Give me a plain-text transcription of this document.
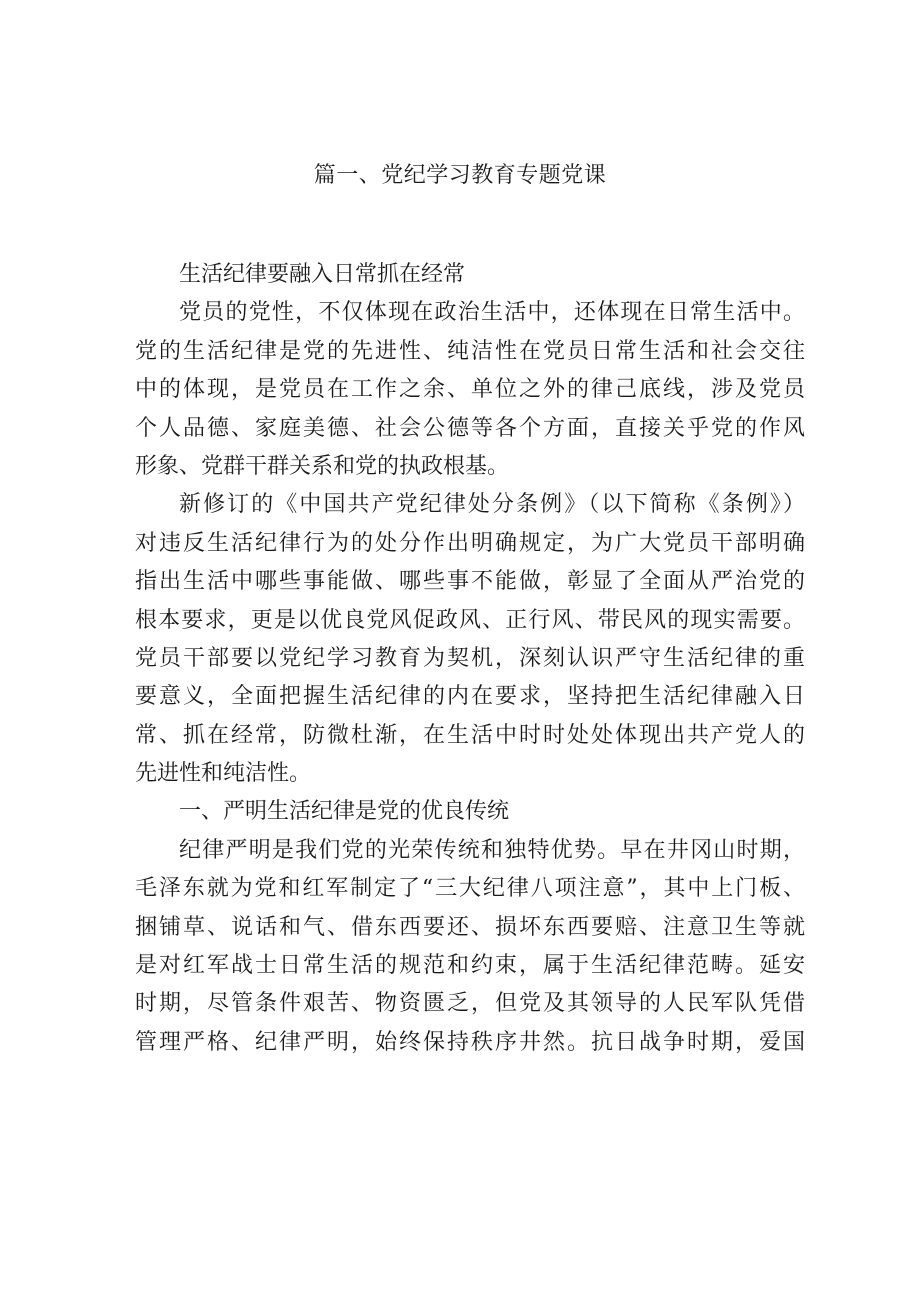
篇一、党纪学习教育专题党课
生活纪律要融入日常抓在经常
党员的党性，不仅体现在政治生活中，还体现在日常生活中。
党的生活纪律是党的先进性、纯洁性在党员日常生活和社会交往
中的体现，是党员在工作之余、单位之外的律己底线，涉及党员
个人品德、家庭美德、社会公德等各个方面，直接关乎党的作风
形象、党群干群关系和党的执政根基。
新修订的《中国共产党纪律处分条例》（以下简称《条例》）
对违反生活纪律行为的处分作出明确规定，为广大党员干部明确
指出生活中哪些事能做、哪些事不能做，彰显了全面从严治党的
根本要求，更是以优良党风促政风、正行风、带民风的现实需要。
党员干部要以党纪学习教育为契机，深刻认识严守生活纪律的重
要意义，全面把握生活纪律的内在要求，坚持把生活纪律融入日
常、抓在经常，防微杜渐，在生活中时时处处体现出共产党人的
先进性和纯洁性。
一、严明生活纪律是党的优良传统
纪律严明是我们党的光荣传统和独特优势。早在井冈山时期，
毛泽东就为党和红军制定了“三大纪律八项注意”，其中上门板、
捆铺草、说话和气、借东西要还、损坏东西要赔、注意卫生等就
是对红军战士日常生活的规范和约束，属于生活纪律范畴。延安
时期，尽管条件艰苦、物资匮乏，但党及其领导的人民军队凭借
管理严格、纪律严明，始终保持秩序井然。抗日战争时期，爱国
